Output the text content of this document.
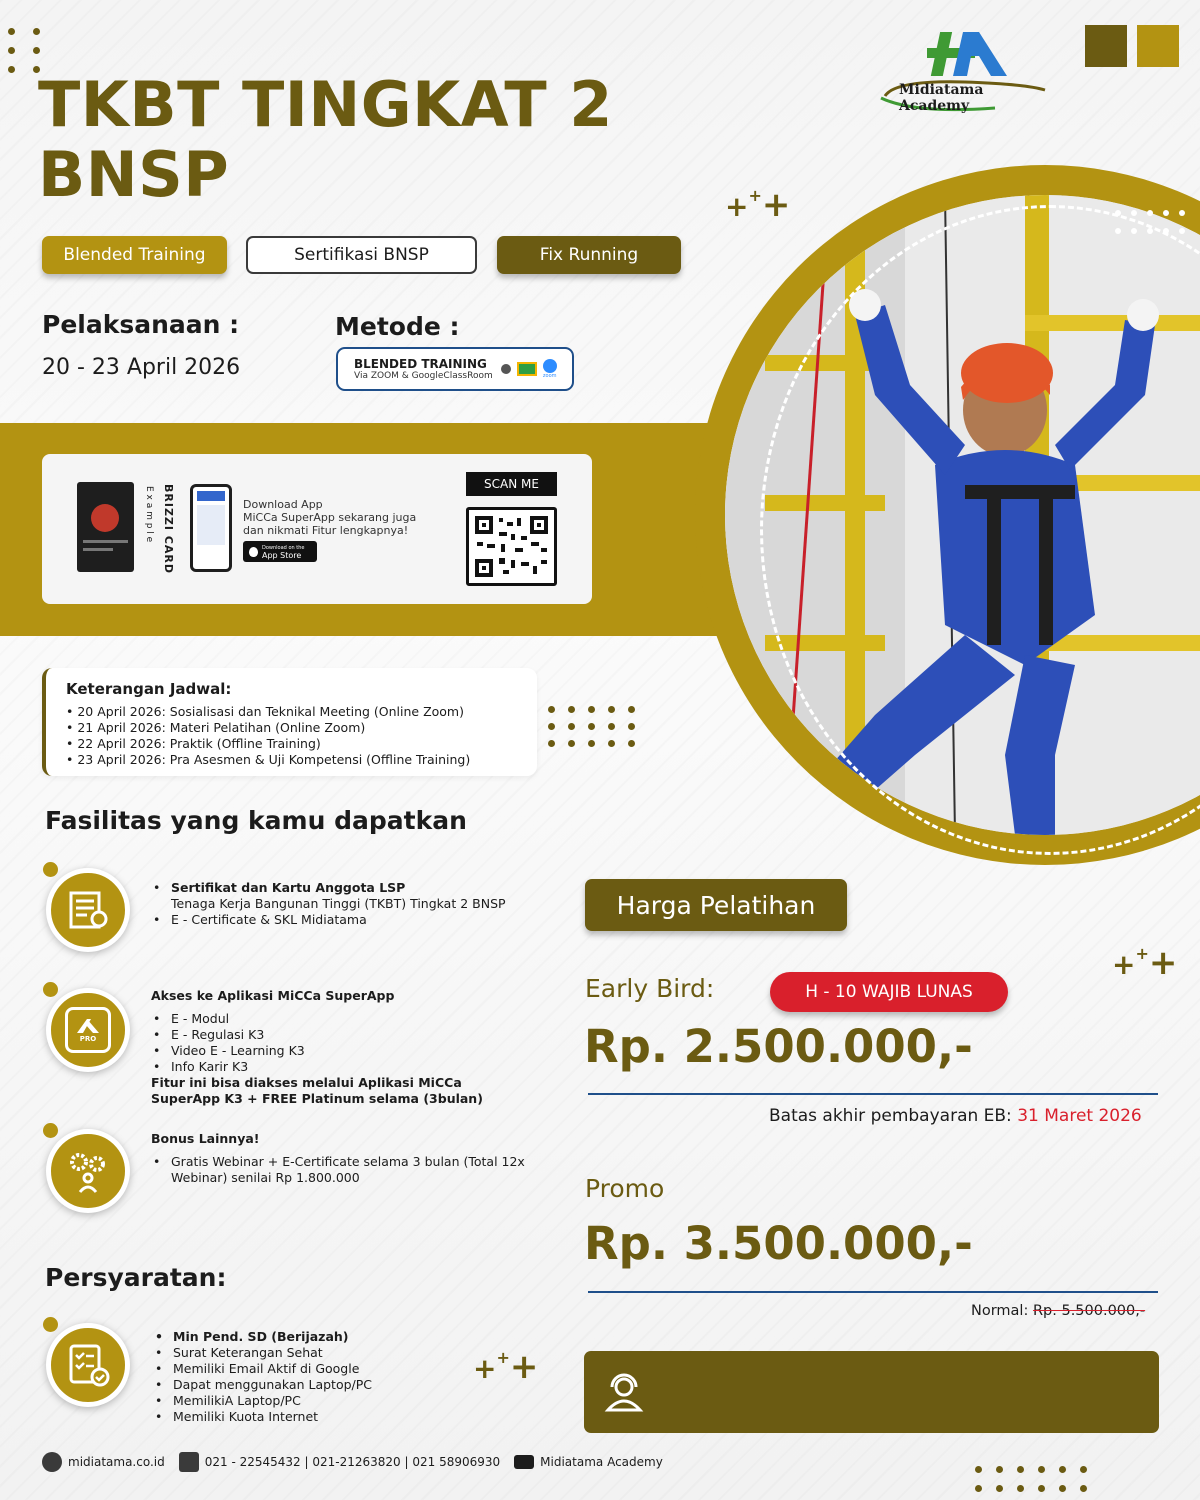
TKBT TINGKAT 2
BNSP
Midiatama Academy
Blended Training	Sertifikasi BNSP	Fix Running
Pelaksanaan :
20 - 23 April 2026
Metode :
BLENDED TRAINING
Via ZOOM & GoogleClassRoom	zoom
+++
+++
+++
BRIZZI CARD
E x a m p l e	Download App
MiCCa SuperApp sekarang juga
dan nikmati Fitur lengkapnya!
Download on the
App Store
SCAN ME
Keterangan Jadwal:
• 20 April 2026: Sosialisasi dan Teknikal Meeting (Online Zoom)
• 21 April 2026: Materi Pelatihan (Online Zoom)
• 22 April 2026: Praktik (Offline Training)
• 23 April 2026: Pra Asesmen & Uji Kompetensi (Offline Training)
Fasilitas yang kamu dapatkan
• Sertifikat dan Kartu Anggota LSP
Tenaga Kerja Bangunan Tinggi (TKBT) Tingkat 2 BNSP
• E - Certificate & SKL Midiatama
PRO
Akses ke Aplikasi MiCCa SuperApp
• E - Modul
• E - Regulasi K3
• Video E - Learning K3
• Info Karir K3
Fitur ini bisa diakses melalui Aplikasi MiCCa
SuperApp K3 + FREE Platinum selama (3bulan)
Bonus Lainnya!
• Gratis Webinar + E-Certificate selama 3 bulan (Total 12x
Webinar) senilai Rp 1.800.000
Persyaratan:
• Min Pend. SD (Berijazah)
• Surat Keterangan Sehat
• Memiliki Email Aktif di Google
• Dapat menggunakan Laptop/PC
• MemilikiA Laptop/PC
• Memiliki Kuota Internet
Harga Pelatihan
Early Bird:	H - 10 WAJIB LUNAS
Rp. 2.500.000,-
Batas akhir pembayaran EB: 31 Maret 2026
Promo
Rp. 3.500.000,-
Normal: Rp. 5.500.000,-
midiatama.co.id	021 - 22545432 | 021-21263820 | 021 58906930	Midiatama Academy
